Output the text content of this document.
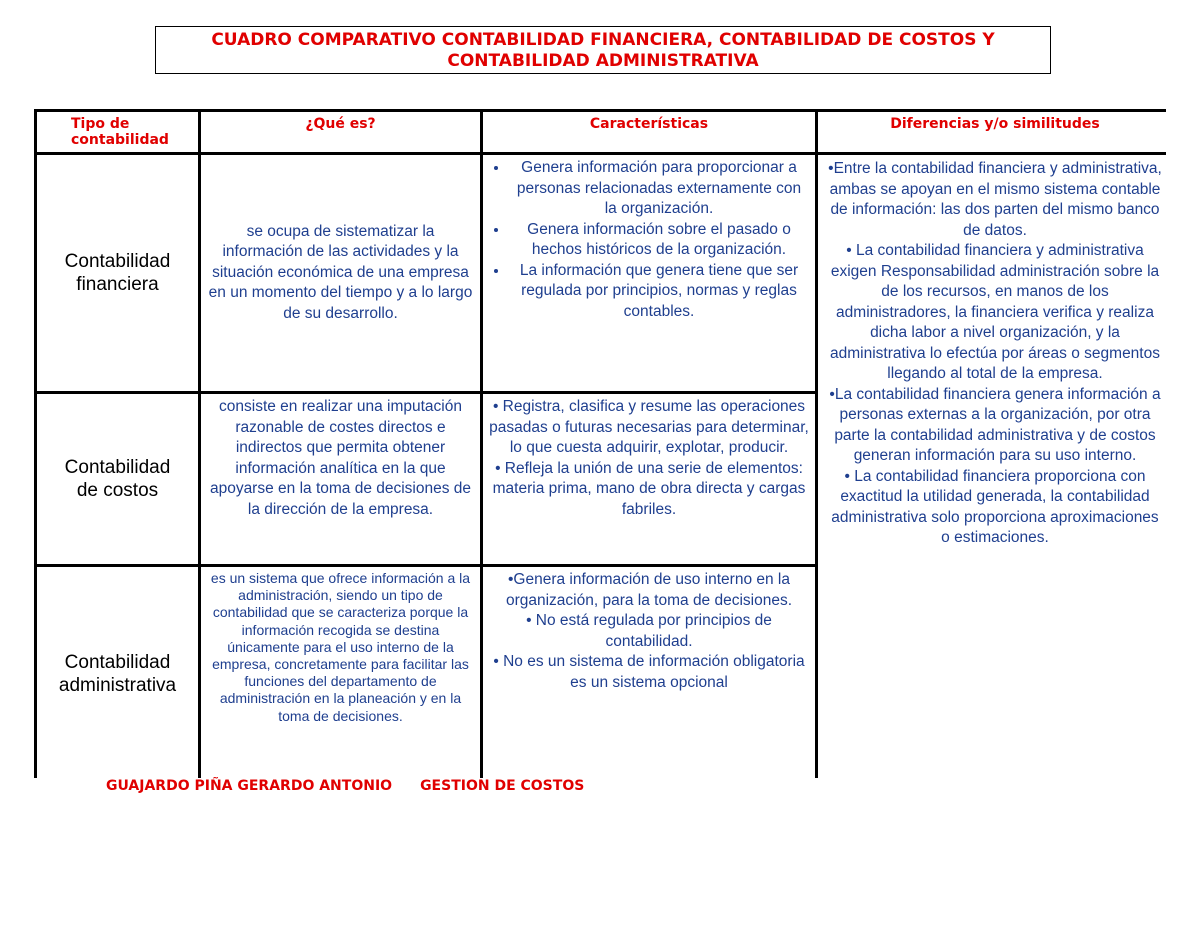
CUADRO COMPARATIVO CONTABILIDAD FINANCIERA, CONTABILIDAD DE COSTOS Y
CONTABILIDAD ADMINISTRATIVA
Tipo de
contabilidad
¿Qué es?	Características	Diferencias y/o similitudes
Contabilidad
financiera

se ocupa de sistematizar la información de las actividades y la situación económica de una empresa en un momento del tiempo y a lo largo de su desarrollo.

• Genera información para proporcionar a personas relacionadas externamente con la organización.
• Genera información sobre el pasado o hechos históricos de la organización.
• La información que genera tiene que ser regulada por principios, normas y reglas contables.

•Entre la contabilidad financiera y administrativa, ambas se apoyan en el mismo sistema contable de información: las dos parten del mismo banco de datos.

• La contabilidad financiera y administrativa exigen Responsabilidad administración sobre la de los recursos, en manos de los administradores, la financiera verifica y realiza dicha labor a nivel organización, y la administrativa lo efectúa por áreas o segmentos llegando al total de la empresa.

•La contabilidad financiera genera información a personas externas a la organización, por otra parte la contabilidad administrativa y de costos generan información para su uso interno.

• La contabilidad financiera proporciona con exactitud la utilidad generada, la contabilidad administrativa solo proporciona aproximaciones o estimaciones.

Contabilidad
de costos

consiste en realizar una imputación razonable de costes directos e indirectos que permita obtener información analítica en la que apoyarse en la toma de decisiones de la dirección de la empresa.

• Registra, clasifica y resume las operaciones pasadas o futuras necesarias para determinar, lo que cuesta adquirir, explotar, producir.

• Refleja la unión de una serie de elementos: materia prima, mano de obra directa y cargas fabriles.

Contabilidad
administrativa

es un sistema que ofrece información a la administración, siendo un tipo de contabilidad que se caracteriza porque la información recogida se destina únicamente para el uso interno de la empresa, concretamente para facilitar las funciones del departamento de administración en la planeación y en la toma de decisiones.

•Genera información de uso interno en la organización, para la toma de decisiones.

• No está regulada por principios de contabilidad.

• No es un sistema de información obligatoria es un sistema opcional

GUAJARDO PIÑA GERARDO ANTONIO GESTION DE COSTOS
